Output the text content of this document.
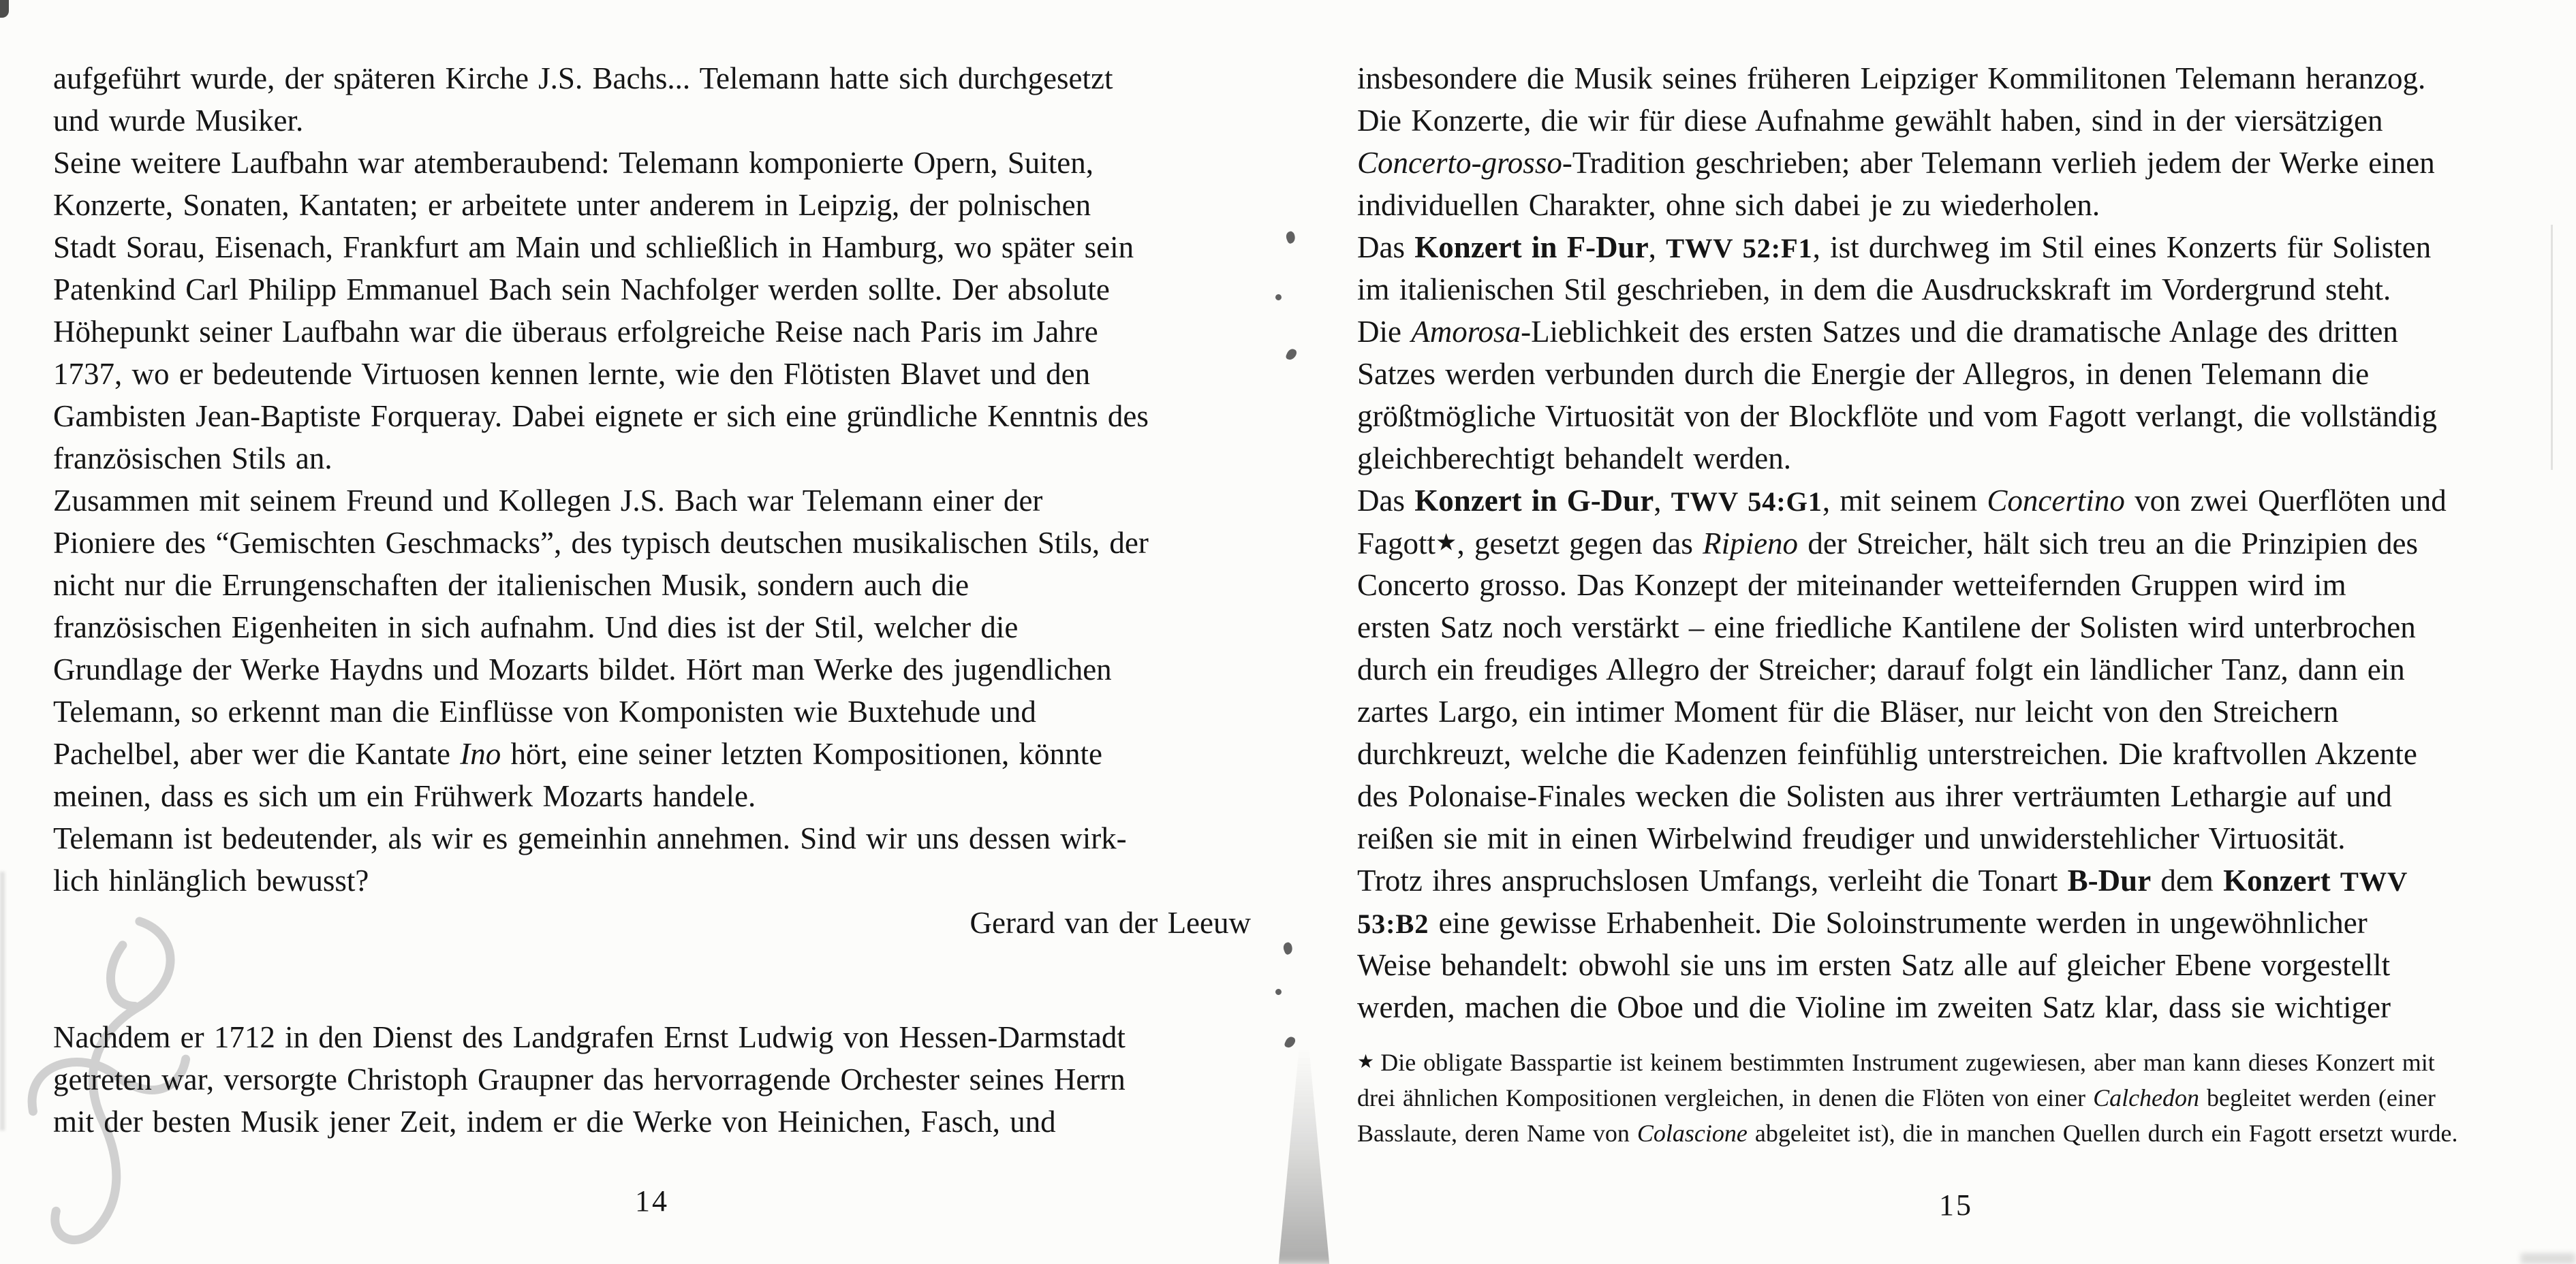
aufgeführt wurde, der späteren Kirche J.S. Bachs... Telemann hatte sich durchgesetzt
und wurde Musiker.
Seine weitere Laufbahn war atemberaubend: Telemann komponierte Opern, Suiten,
Konzerte, Sonaten, Kantaten; er arbeitete unter anderem in Leipzig, der polnischen
Stadt Sorau, Eisenach, Frankfurt am Main und schließlich in Hamburg, wo später sein
Patenkind Carl Philipp Emmanuel Bach sein Nachfolger werden sollte. Der absolute
Höhepunkt seiner Laufbahn war die überaus erfolgreiche Reise nach Paris im Jahre
1737, wo er bedeutende Virtuosen kennen lernte, wie den Flötisten Blavet und den
Gambisten Jean-Baptiste Forqueray. Dabei eignete er sich eine gründliche Kenntnis des
französischen Stils an.
Zusammen mit seinem Freund und Kollegen J.S. Bach war Telemann einer der
Pioniere des “Gemischten Geschmacks”, des typisch deutschen musikalischen Stils, der
nicht nur die Errungenschaften der italienischen Musik, sondern auch die
französischen Eigenheiten in sich aufnahm. Und dies ist der Stil, welcher die
Grundlage der Werke Haydns und Mozarts bildet. Hört man Werke des jugendlichen
Telemann, so erkennt man die Einflüsse von Komponisten wie Buxtehude und
Pachelbel, aber wer die Kantate Ino hört, eine seiner letzten Kompositionen, könnte
meinen, dass es sich um ein Frühwerk Mozarts handele.
Telemann ist bedeutender, als wir es gemeinhin annehmen. Sind wir uns dessen wirk-
lich hinlänglich bewusst?
Gerard van der Leeuw
Nachdem er 1712 in den Dienst des Landgrafen Ernst Ludwig von Hessen-Darmstadt
getreten war, versorgte Christoph Graupner das hervorragende Orchester seines Herrn
mit der besten Musik jener Zeit, indem er die Werke von Heinichen, Fasch, und
14
insbesondere die Musik seines früheren Leipziger Kommilitonen Telemann heranzog.
Die Konzerte, die wir für diese Aufnahme gewählt haben, sind in der viersätzigen
Concerto-grosso-Tradition geschrieben; aber Telemann verlieh jedem der Werke einen
individuellen Charakter, ohne sich dabei je zu wiederholen.
Das Konzert in F-Dur, TWV 52:F1, ist durchweg im Stil eines Konzerts für Solisten
im italienischen Stil geschrieben, in dem die Ausdruckskraft im Vordergrund steht.
Die Amorosa-Lieblichkeit des ersten Satzes und die dramatische Anlage des dritten
Satzes werden verbunden durch die Energie der Allegros, in denen Telemann die
größtmögliche Virtuosität von der Blockflöte und vom Fagott verlangt, die vollständig
gleichberechtigt behandelt werden.
Das Konzert in G-Dur, TWV 54:G1, mit seinem Concertino von zwei Querflöten und
Fagott★, gesetzt gegen das Ripieno der Streicher, hält sich treu an die Prinzipien des
Concerto grosso. Das Konzept der miteinander wetteifernden Gruppen wird im
ersten Satz noch verstärkt – eine friedliche Kantilene der Solisten wird unterbrochen
durch ein freudiges Allegro der Streicher; darauf folgt ein ländlicher Tanz, dann ein
zartes Largo, ein intimer Moment für die Bläser, nur leicht von den Streichern
durchkreuzt, welche die Kadenzen feinfühlig unterstreichen. Die kraftvollen Akzente
des Polonaise-Finales wecken die Solisten aus ihrer verträumten Lethargie auf und
reißen sie mit in einen Wirbelwind freudiger und unwiderstehlicher Virtuosität.
Trotz ihres anspruchslosen Umfangs, verleiht die Tonart B-Dur dem Konzert TWV
53:B2 eine gewisse Erhabenheit. Die Soloinstrumente werden in ungewöhnlicher
Weise behandelt: obwohl sie uns im ersten Satz alle auf gleicher Ebene vorgestellt
werden, machen die Oboe und die Violine im zweiten Satz klar, dass sie wichtiger
★ Die obligate Basspartie ist keinem bestimmten Instrument zugewiesen, aber man kann dieses Konzert mit
drei ähnlichen Kompositionen vergleichen, in denen die Flöten von einer Calchedon begleitet werden (einer
Basslaute, deren Name von Colascione abgeleitet ist), die in manchen Quellen durch ein Fagott ersetzt wurde.
15
